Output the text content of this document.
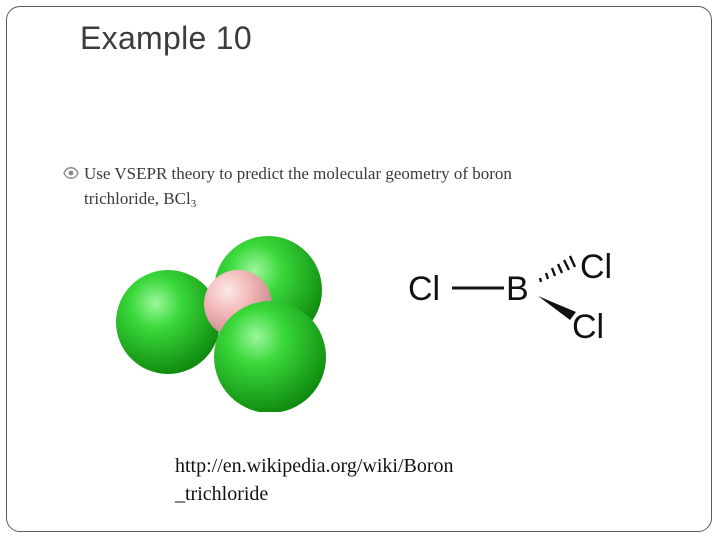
Example 10
Use VSEPR theory to predict the molecular geometry of boron
trichloride, BCl$_3$
Cl B
Cl
Cl
http://en.wikipedia.org/wiki/Boron
_trichloride
